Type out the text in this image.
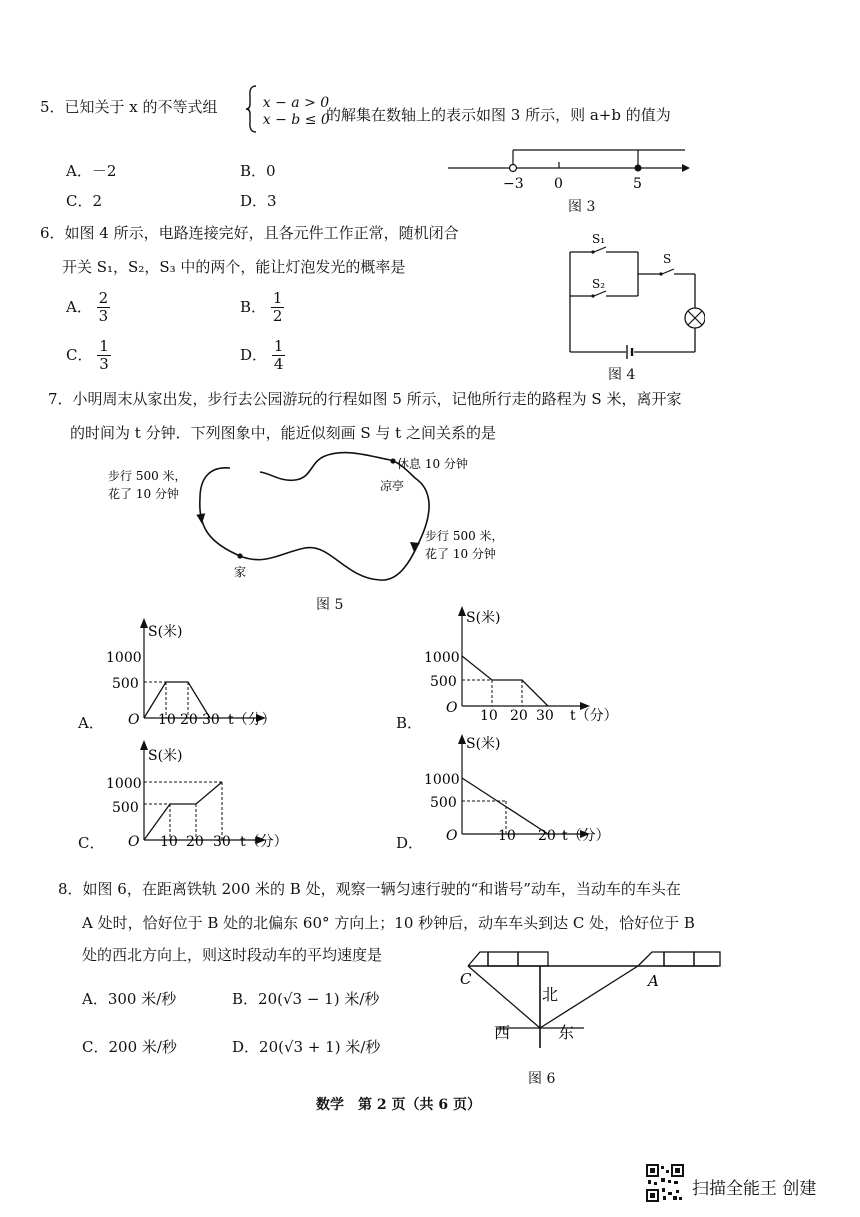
5．已知关于 x 的不等式组
	x − a > 0
x − b ≤ 0
的解集在数轴上的表示如图 3 所示，则 a+b 的值为
A．－2	B．0
C．2	D．3
−3 0	5
图 3
6．如图 4 所示，电路连接完好，且各元件工作正常，随机闭合
开关 S₁，S₂，S₃ 中的两个，能让灯泡发光的概率是
A． $\frac{2}{3}$	B． $\frac{1}{2}$
C． $\frac{1}{3}$	D． $\frac{1}{4}$
S₁
S₂
S
图 4
7．小明周末从家出发，步行去公园游玩的行程如图 5 所示，记他所行走的路程为 S 米，离开家
的时间为 t 分钟．下列图象中，能近似刻画 S 与 t 之间关系的是
步行 500 米，
花了 10 分钟
休息 10 分钟
凉亭
步行 500 米，
花了 10 分钟
家
图 5
A．
S(米)
1000
500
O 10 20 30 t（分）	B．
S(米)
1000
500
O 10 20 30 t（分）
C．
S(米)
1000
500
O 10 20 30 t（分）	D．
S(米)
1000
500
O	10 20 t（分）
8．如图 6，在距离铁轨 200 米的 B 处，观察一辆匀速行驶的“和谐号”动车，当动车的车头在
A 处时，恰好位于 B 处的北偏东 60° 方向上；10 秒钟后，动车车头到达 C 处，恰好位于 B
处的西北方向上，则这时段动车的平均速度是
A．300 米/秒	B．20(√3 − 1) 米/秒
C．200 米/秒	D．20(√3 + 1) 米/秒
C	A
北
西	东
图 6
数学　第 2 页（共 6 页）
扫描全能王 创建
